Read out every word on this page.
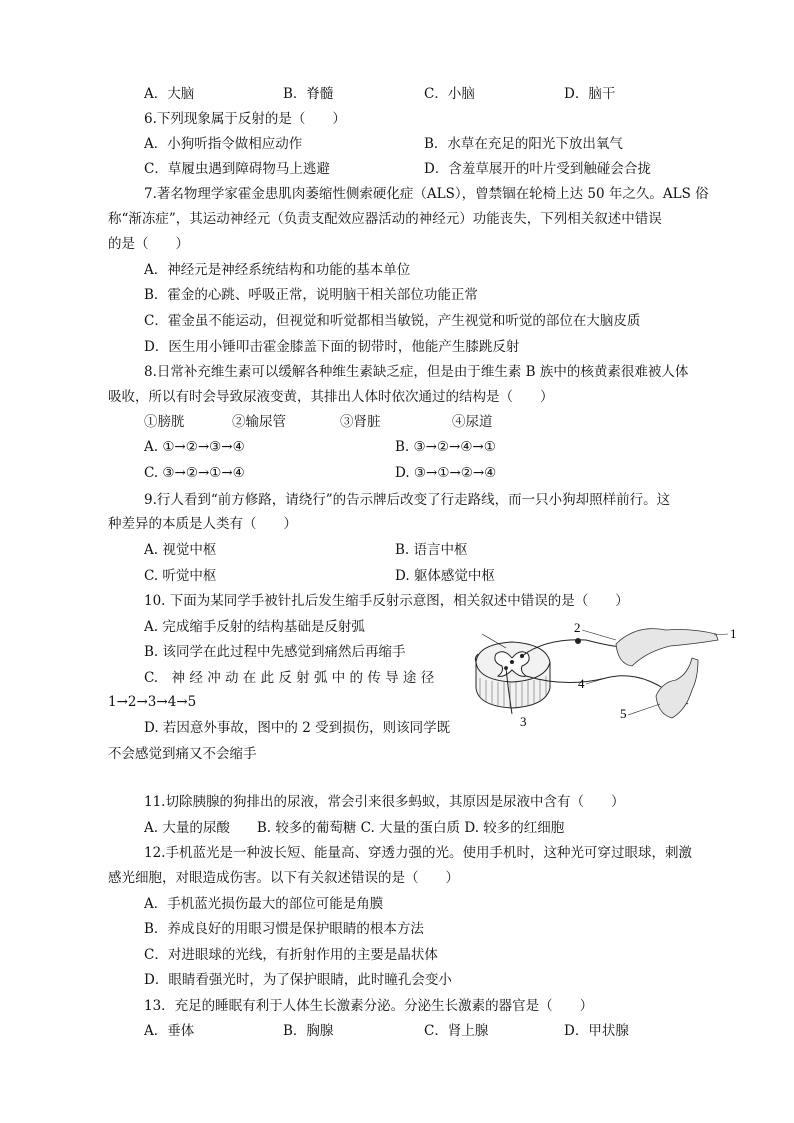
A．大脑	B．脊髓	C．小脑	D．脑干
6.下列现象属于反射的是（　　）
A．小狗听指令做相应动作	B．水草在充足的阳光下放出氧气
C．草履虫遇到障碍物马上逃避	D．含羞草展开的叶片受到触碰会合拢
7.著名物理学家霍金患肌肉萎缩性侧索硬化症（ALS），曾禁锢在轮椅上达 50 年之久。ALS 俗
称“渐冻症”，其运动神经元（负责支配效应器活动的神经元）功能丧失，下列相关叙述中错误
的是（　　）
A．神经元是神经系统结构和功能的基本单位
B．霍金的心跳、呼吸正常，说明脑干相关部位功能正常
C．霍金虽不能运动，但视觉和听觉都相当敏锐，产生视觉和听觉的部位在大脑皮质
D．医生用小锤叩击霍金膝盖下面的韧带时，他能产生膝跳反射
8.日常补充维生素可以缓解各种维生素缺乏症，但是由于维生素 B 族中的核黄素很难被人体
吸收，所以有时会导致尿液变黄，其排出人体时依次通过的结构是（　　）
①膀胱	②输尿管	③肾脏	④尿道
A. ①→②→③→④	B. ③→②→④→①
C. ③→②→①→④	D. ③→①→②→④
9.行人看到“前方修路，请绕行”的告示牌后改变了行走路线，而一只小狗却照样前行。这
种差异的本质是人类有（　　）
A. 视觉中枢	B. 语言中枢
C. 听觉中枢	D. 躯体感觉中枢
10. 下面为某同学手被针扎后发生缩手反射示意图，相关叙述中错误的是（　　）
A. 完成缩手反射的结构基础是反射弧
B. 该同学在此过程中先感觉到痛然后再缩手
C.　神 经 冲 动 在 此 反 射 弧 中 的 传 导 途 径
1→2→3→4→5
D. 若因意外事故，图中的 2 受到损伤，则该同学既
不会感觉到痛又不会缩手
2	1
4
5
3
11.切除胰腺的狗排出的尿液，常会引来很多蚂蚁，其原因是尿液中含有（　　）
A. 大量的尿酸　　B. 较多的葡萄糖 C. 大量的蛋白质 D. 较多的红细胞
12.手机蓝光是一种波长短、能量高、穿透力强的光。使用手机时，这种光可穿过眼球，刺激
感光细胞，对眼造成伤害。以下有关叙述错误的是（　　）
A．手机蓝光损伤最大的部位可能是角膜
B．养成良好的用眼习惯是保护眼睛的根本方法
C．对进眼球的光线，有折射作用的主要是晶状体
D．眼睛看强光时，为了保护眼睛，此时瞳孔会变小
13．充足的睡眠有利于人体生长激素分泌。分泌生长激素的器官是（　　）
A．垂体	B．胸腺	C．肾上腺	D．甲状腺
